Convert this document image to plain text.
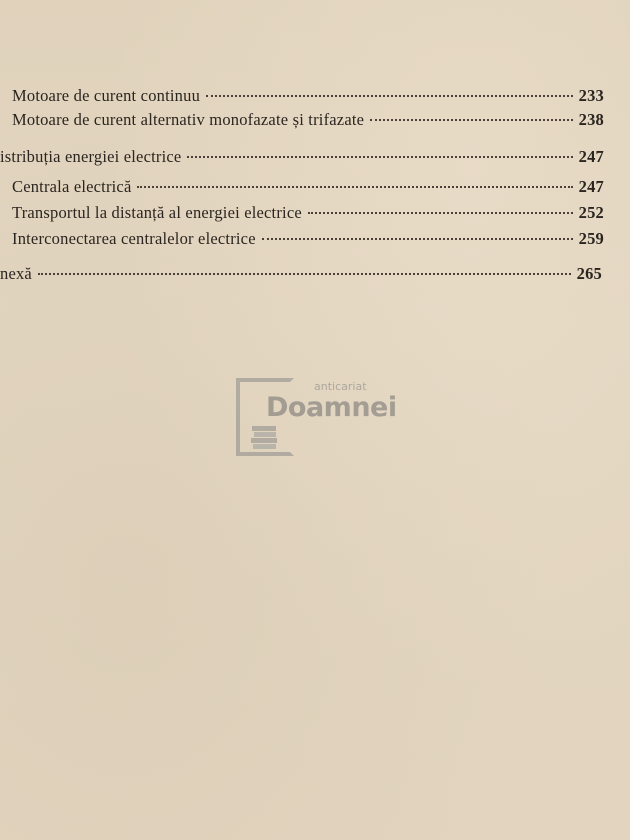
Motoare de curent continuu	233
Motoare de curent alternativ monofazate și trifazate	238
istribuția energiei electrice	247
Centrala electrică	247
Transportul la distanță al energiei electrice	252
Interconectarea centralelor electrice	259
nexă	265
anticariat
Doamnei
